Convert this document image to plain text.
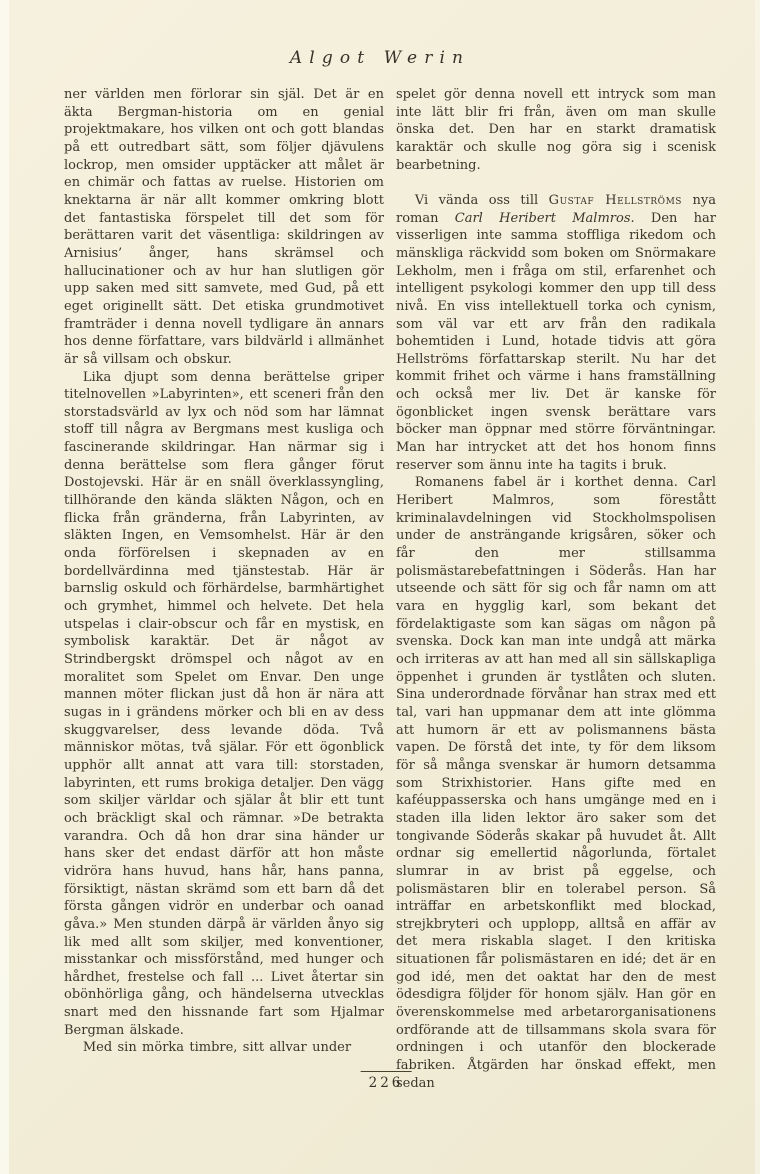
Algot Werin

ner världen men förlorar sin själ. Det är en äkta Bergman-historia om en genial projektmakare, hos vilken ont och gott blandas på ett outredbart sätt, som följer djävulens lockrop, men omsider upptäcker att målet är en chimär och fattas av ruelse. Historien om knektarna är när allt kommer omkring blott det fantastiska förspelet till det som för berättaren varit det väsentliga: skildringen av Arnisius’ ånger, hans skrämsel och hallucinationer och av hur han slutligen gör upp saken med sitt samvete, med Gud, på ett eget originellt sätt. Det etiska grundmotivet framträder i denna novell tydligare än annars hos denne författare, vars bildvärld i allmänhet är så villsam och obskur.

Lika djupt som denna berättelse griper titelnovellen »Labyrinten», ett sceneri från den storstadsvärld av lyx och nöd som har lämnat stoff till några av Bergmans mest kusliga och fascinerande skildringar. Han närmar sig i denna berättelse som flera gånger förut Dostojevski. Här är en snäll överklassyngling, tillhörande den kända släkten Någon, och en flicka från gränderna, från Labyrinten, av släkten Ingen, en Vemsomhelst. Här är den onda förförelsen i skepnaden av en bordellvärdinna med tjänstestab. Här är barnslig oskuld och förhärdelse, barmhärtighet och grymhet, himmel och helvete. Det hela utspelas i clair-obscur och får en mystisk, en symbolisk karaktär. Det är något av Strindbergskt drömspel och något av en moralitet som Spelet om Envar. Den unge mannen möter flickan just då hon är nära att sugas in i grändens mörker och bli en av dess skuggvarelser, dess levande döda. Två människor mötas, två själar. För ett ögonblick upphör allt annat att vara till: storstaden, labyrinten, ett rums brokiga detaljer. Den vägg som skiljer världar och själar åt blir ett tunt och bräckligt skal och rämnar. »De betrakta varandra. Och då hon drar sina händer ur hans sker det endast därför att hon måste vidröra hans huvud, hans hår, hans panna, försiktigt, nästan skrämd som ett barn då det första gången vidrör en underbar och oanad gåva.» Men stunden därpå är världen ånyo sig lik med allt som skiljer, med konventioner, misstankar och missförstånd, med hunger och hårdhet, frestelse och fall ... Livet återtar sin obönhörliga gång, och händelserna utvecklas snart med den hissnande fart som Hjalmar Bergman älskade.

Med sin mörka timbre, sitt allvar under

spelet gör denna novell ett intryck som man inte lätt blir fri från, även om man skulle önska det. Den har en starkt dramatisk karaktär och skulle nog göra sig i scenisk bearbetning.

Vi vända oss till Gustaf Hellströms nya roman Carl Heribert Malmros. Den har visserligen inte samma stoffliga rikedom och mänskliga räckvidd som boken om Snörmakare Lekholm, men i fråga om stil, erfarenhet och intelligent psykologi kommer den upp till dess nivå. En viss intellektuell torka och cynism, som väl var ett arv från den radikala bohemtiden i Lund, hotade tidvis att göra Hellströms författarskap sterilt. Nu har det kommit frihet och värme i hans framställning och också mer liv. Det är kanske för ögonblicket ingen svensk berättare vars böcker man öppnar med större förväntningar. Man har intrycket att det hos honom finns reserver som ännu inte ha tagits i bruk.

Romanens fabel är i korthet denna. Carl Heribert Malmros, som förestått kriminalavdelningen vid Stockholmspolisen under de ansträngande krigsåren, söker och får den mer stillsamma polismästarebefattningen i Söderås. Han har utseende och sätt för sig och får namn om att vara en hygglig karl, som bekant det fördelaktigaste som kan sägas om någon på svenska. Dock kan man inte undgå att märka och irriteras av att han med all sin sällskapliga öppenhet i grunden är tystlåten och sluten. Sina underordnade förvånar han strax med ett tal, vari han uppmanar dem att inte glömma att humorn är ett av polismannens bästa vapen. De förstå det inte, ty för dem liksom för så många svenskar är humorn detsamma som Strixhistorier. Hans gifte med en kaféuppasserska och hans umgänge med en i staden illa liden lektor äro saker som det tongivande Söderås skakar på huvudet åt. Allt ordnar sig emellertid någorlunda, förtalet slumrar in av brist på eggelse, och polismästaren blir en tolerabel person. Så inträffar en arbetskonflikt med blockad, strejkbryteri och upplopp, alltså en affär av det mera riskabla slaget. I den kritiska situationen får polismästaren en idé; det är en god idé, men det oaktat har den de mest ödesdigra följder för honom själv. Han gör en överenskommelse med arbetarorganisationens ordförande att de tillsammans skola svara för ordningen i och utanför den blockerade fabriken. Åtgärden har önskad effekt, men sedan

226
